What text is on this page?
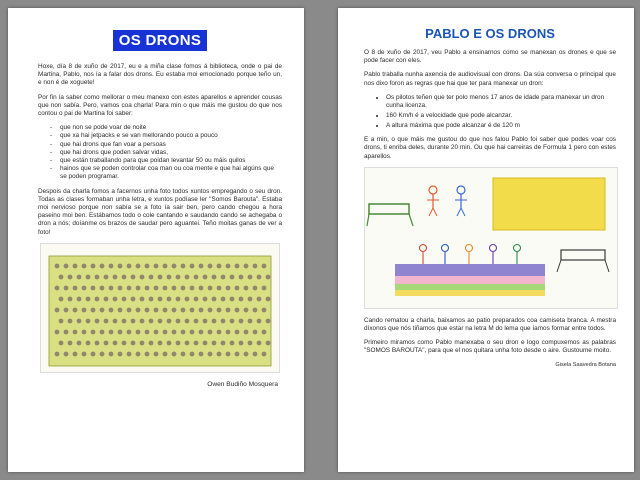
OS DRONS

Hoxe, día 8 de xuño de 2017, eu e a miña clase fomos á biblioteca, onde o pai de Martina, Pablo, nos ía a falar dos drons. Eu estaba moi emocionado porque teño un, e non é de xoguete!

Por fin ía saber como mellorar o meu manexo con estes aparellos e aprender cousas que non sabía. Pero, vamos coa charla! Para min o que máis me gustou do que nos contou o pai de Martina foi saber:

- que non se pode voar de noite
- que xa hai jetpacks e se van mellorando pouco a pouco
- que hai drons que fan voar a persoas
- que hai drons que poden salvar vidas,
- que están traballando para que poidan levantar 50 ou máis quilos
- hainos que se poden controlar coa man ou coa mente e que hai algúns que se poden programar.

Despois da charla fomos a facernos unha foto todos xuntos empregando o seu dron. Todas as clases formaban unha letra, e xuntos podíase ler "Somos Barouta". Estaba moi nervioso porque non sabía se a foto ía sair ben, pero cando chegou a hora paseino moi ben. Estábamos todo o cole cantando e saudando cando se achegaba o dron a nós; doíanme os brazos de saudar pero aguantei. Teño moitas ganas de ver a foto!

Owen Budiño Mosquera
PABLO E OS DRONS

O 8 de xuño de 2017, veu Pablo a ensinarnos como se manexan os drones e que se pode facer con eles.

Pablo traballa nunha axencia de audiovisual con drons. Da súa conversa o principal que nos dixo foron as regras que hai que ter para manexar un dron:

• Os pilotos teñen que ter polo menos 17 anos de idade para manexar un dron cunha licenza.
• 160 Km/h é a velocidade que pode alcanzar.
• A altura máxima que pode alcanzar é de 120 m

E a min, o que máis me gustou do que nos falou Pablo foi saber que podes voar cos drons, ti enriba deles, durante 20 min. Ou que hai carreiras de Formula 1 pero con estes aparellos.

Cando rematou a charla, baixamos ao patio preparados coa camiseta branca. A mestra díxonos que nós tiñamos que estar na letra M do lema que íamos formar entre todos.

Primeiro miramos como Pablo manexaba o seu dron e logo compuxemos as palabras "SOMOS BAROUTA", para que el nos quitara unha foto desde o aire. Gustoume moito.

Gisela Saavedra Botana
